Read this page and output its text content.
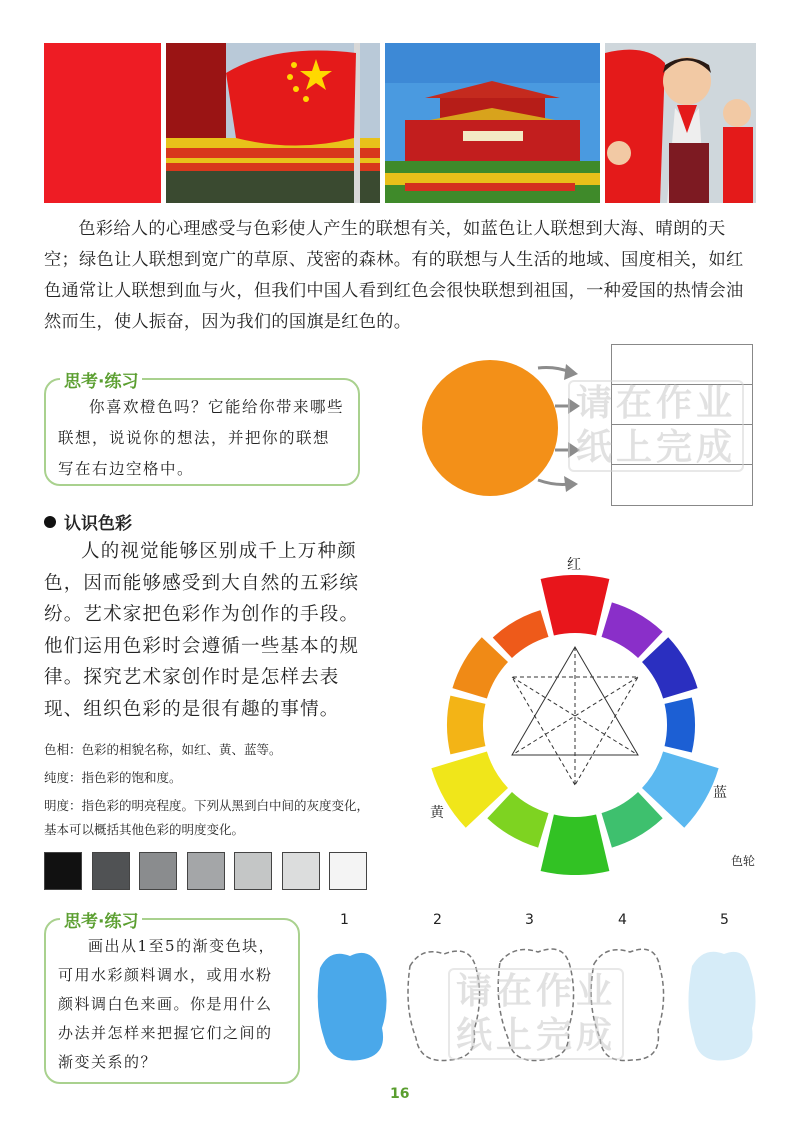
色彩给人的心理感受与色彩使人产生的联想有关，如蓝色让人联想到大海、晴朗的天空；绿色让人联想到宽广的草原、茂密的森林。有的联想与人生活的地域、国度相关，如红色通常让人联想到血与火，但我们中国人看到红色会很快联想到祖国，一种爱国的热情会油然而生，使人振奋，因为我们的国旗是红色的。
思考·练习
你喜欢橙色吗？它能给你带来哪些联想，说说你的想法，并把你的联想写在右边空格中。
请在作业
纸上完成
认识色彩
人的视觉能够区别成千上万种颜色，因而能够感受到大自然的五彩缤纷。艺术家把色彩作为创作的手段。他们运用色彩时会遵循一些基本的规律。探究艺术家创作时是怎样去表现、组织色彩的是很有趣的事情。
色相：色彩的相貌名称，如红、黄、蓝等。
纯度：指色彩的饱和度。
明度：指色彩的明亮程度。下列从黑到白中间的灰度变化，基本可以概括其他色彩的明度变化。
红
黄
蓝
色轮
思考·练习
画出从1至5的渐变色块，可用水彩颜料调水，或用水粉颜料调白色来画。你是用什么办法并怎样来把握它们之间的渐变关系的？
1	2	3	4	5
请在作业
纸上完成
16
